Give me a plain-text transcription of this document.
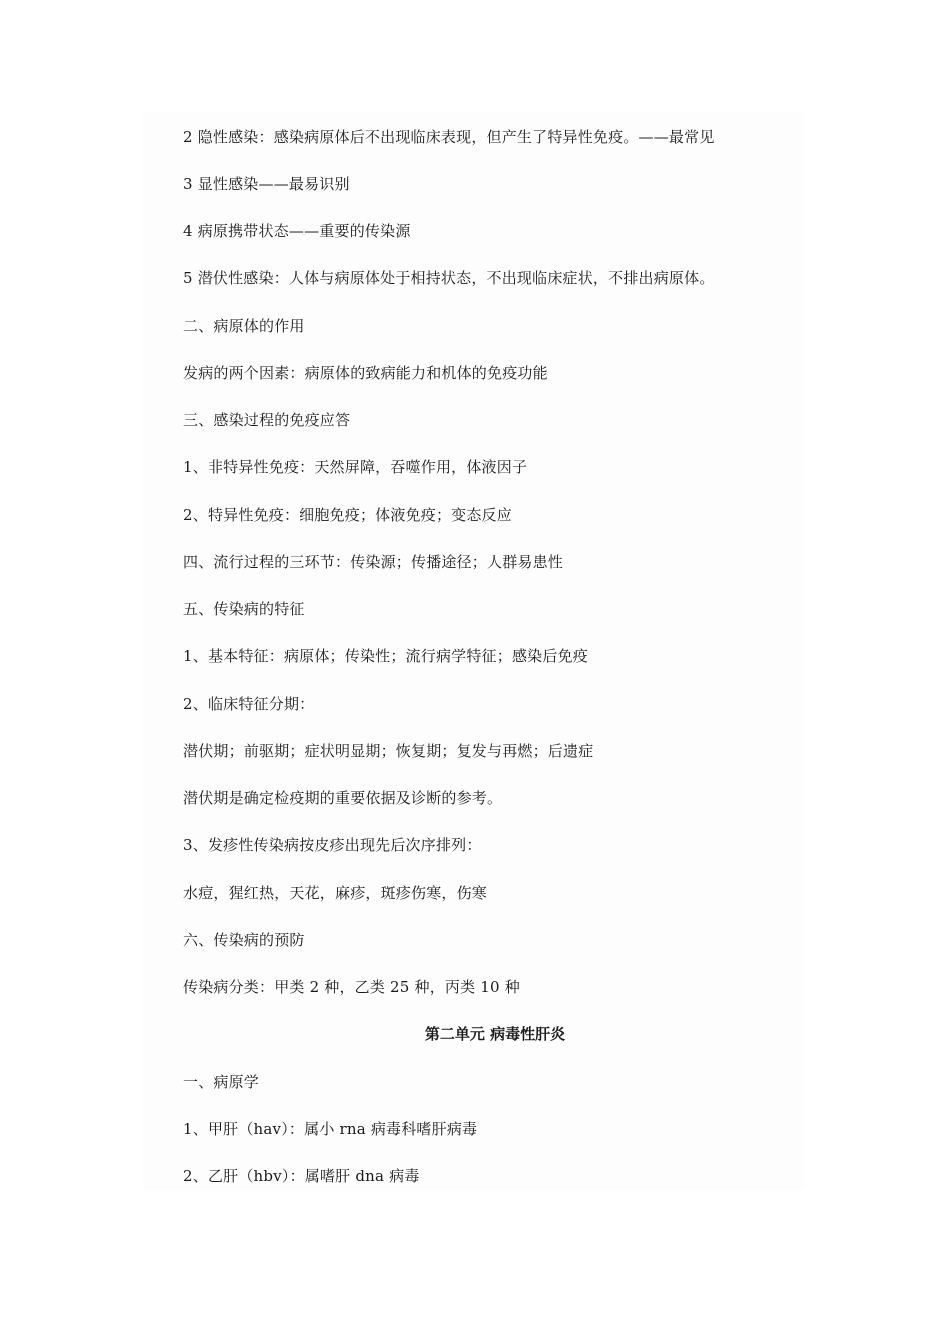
2 隐性感染：感染病原体后不出现临床表现，但产生了特异性免疫。——最常见
3 显性感染——最易识别
4 病原携带状态——重要的传染源
5 潜伏性感染：人体与病原体处于相持状态，不出现临床症状，不排出病原体。
二、病原体的作用
发病的两个因素：病原体的致病能力和机体的免疫功能
三、感染过程的免疫应答
1、非特异性免疫：天然屏障，吞噬作用，体液因子
2、特异性免疫：细胞免疫；体液免疫；变态反应
四、流行过程的三环节：传染源；传播途径；人群易患性
五、传染病的特征
1、基本特征：病原体；传染性；流行病学特征；感染后免疫
2、临床特征分期：
潜伏期；前驱期；症状明显期；恢复期；复发与再燃；后遗症
潜伏期是确定检疫期的重要依据及诊断的参考。
3、发疹性传染病按皮疹出现先后次序排列：
水痘，猩红热，天花，麻疹，斑疹伤寒，伤寒
六、传染病的预防
传染病分类：甲类 2 种，乙类 25 种，丙类 10 种
第二单元 病毒性肝炎
一、病原学
1、甲肝（hav）：属小 rna 病毒科嗜肝病毒
2、乙肝（hbv）：属嗜肝 dna 病毒
